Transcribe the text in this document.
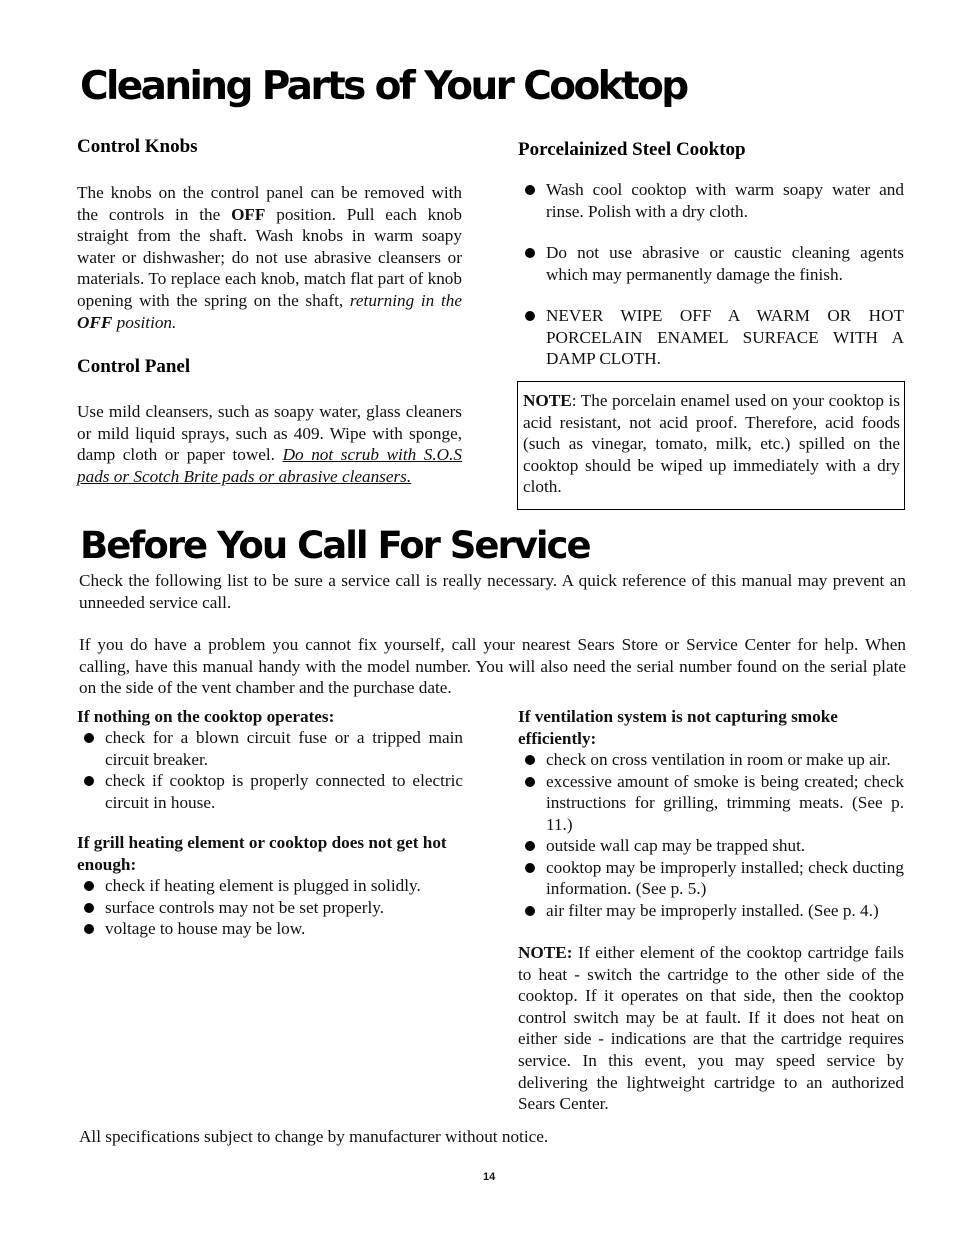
Cleaning Parts of Your Cooktop
Control Knobs
The knobs on the control panel can be removed with the controls in the OFF position. Pull each knob straight from the shaft. Wash knobs in warm soapy water or dishwasher; do not use abrasive cleansers or materials. To replace each knob, match flat part of knob opening with the spring on the shaft, returning in the OFF position.
Control Panel
Use mild cleansers, such as soapy water, glass cleaners or mild liquid sprays, such as 409. Wipe with sponge, damp cloth or paper towel. Do not scrub with S.O.S pads or Scotch Brite pads or abrasive cleansers.
Porcelainized Steel Cooktop
Wash cool cooktop with warm soapy water and rinse. Polish with a dry cloth.
Do not use abrasive or caustic cleaning agents which may permanently damage the finish.
NEVER WIPE OFF A WARM OR HOT PORCELAIN ENAMEL SURFACE WITH A DAMP CLOTH.
NOTE: The porcelain enamel used on your cooktop is acid resistant, not acid proof. Therefore, acid foods (such as vinegar, tomato, milk, etc.) spilled on the cooktop should be wiped up immediately with a dry cloth.
Before You Call For Service
Check the following list to be sure a service call is really necessary. A quick reference of this manual may prevent an unneeded service call.
If you do have a problem you cannot fix yourself, call your nearest Sears Store or Service Center for help. When calling, have this manual handy with the model number. You will also need the serial number found on the serial plate on the side of the vent chamber and the purchase date.
If nothing on the cooktop operates:
check for a blown circuit fuse or a tripped main circuit breaker.
check if cooktop is properly connected to electric circuit in house.
If grill heating element or cooktop does not get hot enough:
check if heating element is plugged in solidly.
surface controls may not be set properly.
voltage to house may be low.
If ventilation system is not capturing smoke efficiently:
check on cross ventilation in room or make up air.
excessive amount of smoke is being created; check instructions for grilling, trimming meats. (See p. 11.)
outside wall cap may be trapped shut.
cooktop may be improperly installed; check ducting information. (See p. 5.)
air filter may be improperly installed. (See p. 4.)
NOTE: If either element of the cooktop cartridge fails to heat - switch the cartridge to the other side of the cooktop. If it operates on that side, then the cooktop control switch may be at fault. If it does not heat on either side - indications are that the cartridge requires service. In this event, you may speed service by delivering the lightweight cartridge to an authorized Sears Center.
All specifications subject to change by manufacturer without notice.
14
